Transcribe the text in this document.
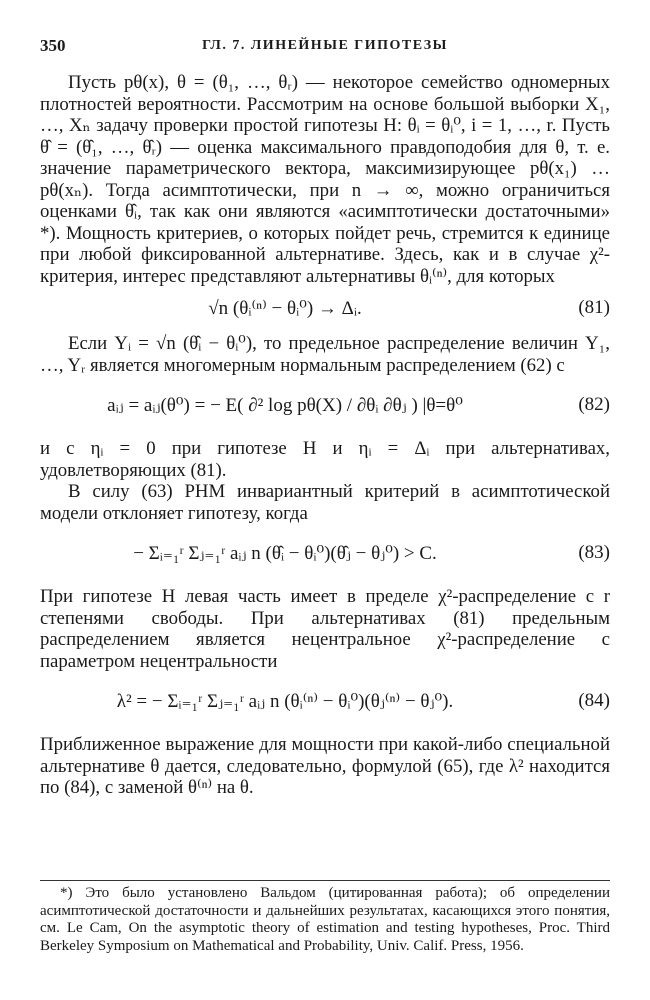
350	ГЛ. 7. ЛИНЕЙНЫЕ ГИПОТЕЗЫ

Пусть pθ(x), θ = (θ₁, …, θᵣ) — некоторое семейство одномерных плотностей вероятности. Рассмотрим на основе большой выборки X₁, …, Xₙ задачу проверки простой гипотезы H: θᵢ = θᵢ⁰, i = 1, …, r. Пусть θ̂ = (θ̂₁, …, θ̂ᵣ) — оценка максимального правдоподобия для θ, т. е. значение параметрического вектора, максимизирующее pθ(x₁) … pθ(xₙ). Тогда асимптотически, при n → ∞, можно ограничиться оценками θ̂ᵢ, так как они являются «асимптотически достаточными» *). Мощность критериев, о которых пойдет речь, стремится к единице при любой фиксированной альтернативе. Здесь, как и в случае χ²-критерия, интерес представляют альтернативы θᵢ⁽ⁿ⁾, для которых

√n (θᵢ⁽ⁿ⁾ − θᵢ⁰) → Δᵢ.	(81)

Если Yᵢ = √n (θ̂ᵢ − θᵢ⁰), то предельное распределение величин Y₁, …, Yᵣ является многомерным нормальным распределением (62) с

aᵢⱼ = aᵢⱼ(θ⁰) = − E( ∂² log pθ(X) / ∂θᵢ ∂θⱼ ) |θ=θ⁰	(82)

и с ηᵢ = 0 при гипотезе H и ηᵢ = Δᵢ при альтернативах, удовлетворяющих (81).

В силу (63) РНМ инвариантный критерий в асимптотической модели отклоняет гипотезу, когда

− Σᵢ₌₁ʳ Σⱼ₌₁ʳ aᵢⱼ n (θ̂ᵢ − θᵢ⁰)(θ̂ⱼ − θⱼ⁰) > C.	(83)

При гипотезе H левая часть имеет в пределе χ²-распределение с r степенями свободы. При альтернативах (81) предельным распределением является нецентральное χ²-распределение с параметром нецентральности

λ² = − Σᵢ₌₁ʳ Σⱼ₌₁ʳ aᵢⱼ n (θᵢ⁽ⁿ⁾ − θᵢ⁰)(θⱼ⁽ⁿ⁾ − θⱼ⁰).	(84)

Приближенное выражение для мощности при какой-либо специальной альтернативе θ дается, следовательно, формулой (65), где λ² находится по (84), с заменой θ⁽ⁿ⁾ на θ.

*) Это было установлено Вальдом (цитированная работа); об определении асимптотической достаточности и дальнейших результатах, касающихся этого понятия, см. Le Cam, On the asymptotic theory of estimation and testing hypotheses, Proc. Third Berkeley Symposium on Mathematical and Probability, Univ. Calif. Press, 1956.
